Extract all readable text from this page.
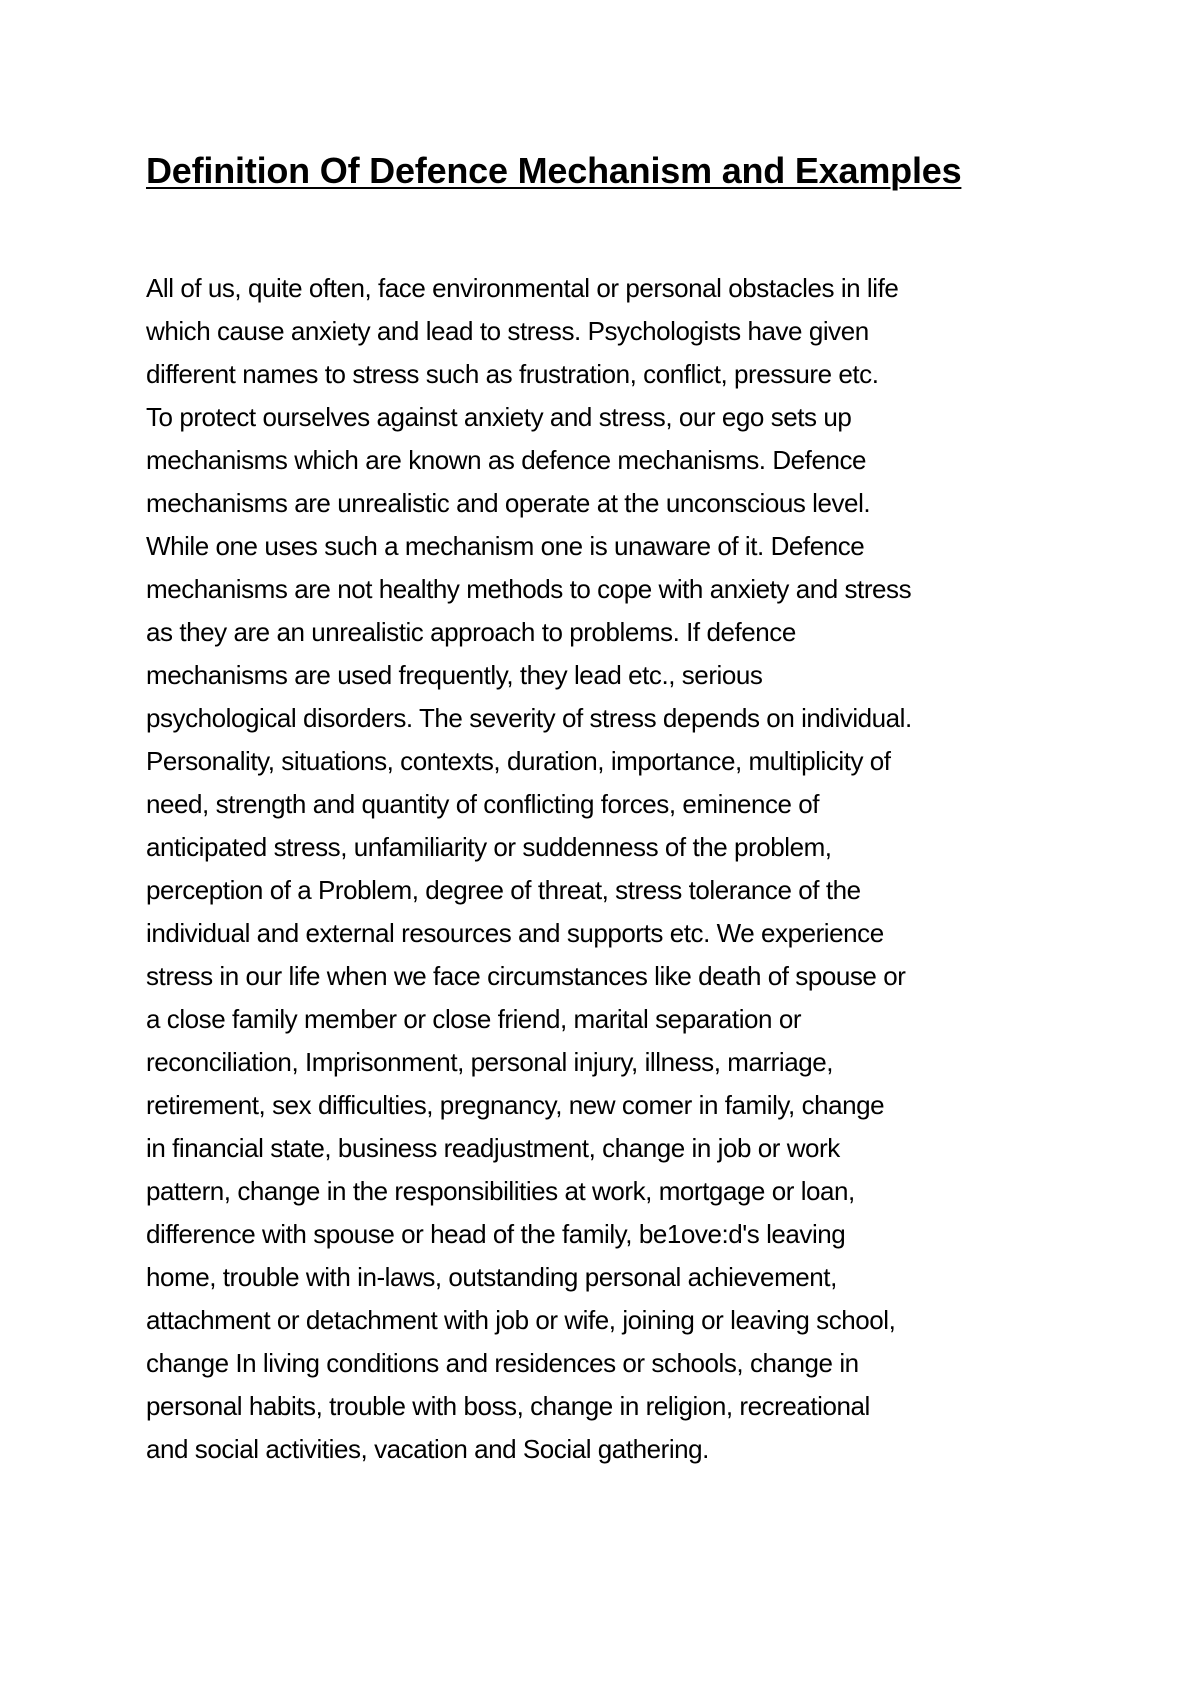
Definition Of Defence Mechanism and Examples
All of us, quite often, face environmental or personal obstacles in life
which cause anxiety and lead to stress. Psychologists have given
different names to stress such as frustration, conflict, pressure etc.
To protect ourselves against anxiety and stress, our ego sets up
mechanisms which are known as defence mechanisms. Defence
mechanisms are unrealistic and operate at the unconscious level.
While one uses such a mechanism one is unaware of it. Defence
mechanisms are not healthy methods to cope with anxiety and stress
as they are an unrealistic approach to problems. If defence
mechanisms are used frequently, they lead etc., serious
psychological disorders. The severity of stress depends on individual.
Personality, situations, contexts, duration, importance, multiplicity of
need, strength and quantity of conflicting forces, eminence of
anticipated stress, unfamiliarity or suddenness of the problem,
perception of a Problem, degree of threat, stress tolerance of the
individual and external resources and supports etc. We experience
stress in our life when we face circumstances like death of spouse or
a close family member or close friend, marital separation or
reconciliation, Imprisonment, personal injury, illness, marriage,
retirement, sex difficulties, pregnancy, new comer in family, change
in financial state, business readjustment, change in job or work
pattern, change in the responsibilities at work, mortgage or loan,
difference with spouse or head of the family, be1ove:d's leaving
home, trouble with in-laws, outstanding personal achievement,
attachment or detachment with job or wife, joining or leaving school,
change In living conditions and residences or schools, change in
personal habits, trouble with boss, change in religion, recreational
and social activities, vacation and Social gathering.
